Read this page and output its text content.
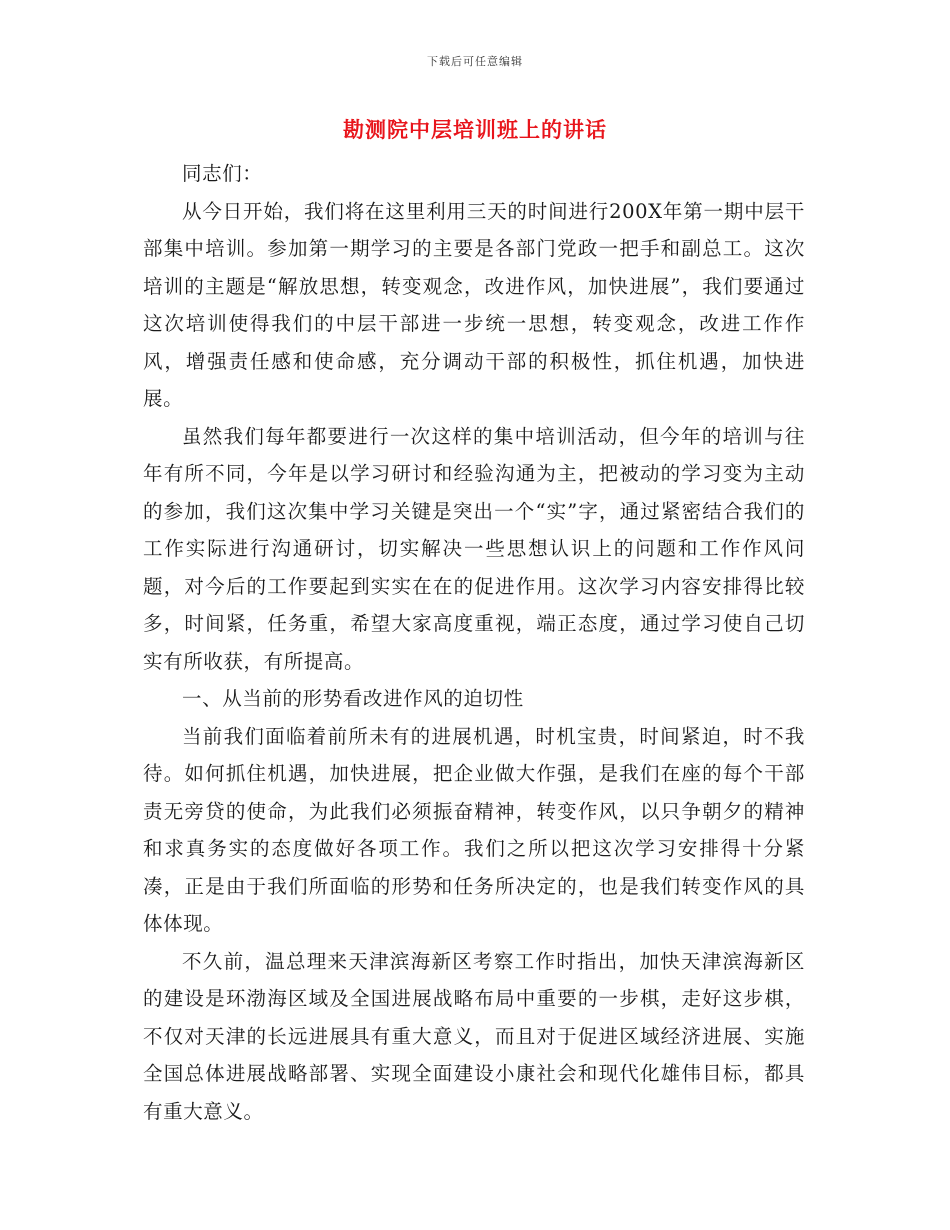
下载后可任意编辑
勘测院中层培训班上的讲话

同志们：

从今日开始，我们将在这里利用三天的时间进行200X年第一期中层干部集中培训。参加第一期学习的主要是各部门党政一把手和副总工。这次培训的主题是“解放思想，转变观念，改进作风，加快进展”，我们要通过这次培训使得我们的中层干部进一步统一思想，转变观念，改进工作作风，增强责任感和使命感，充分调动干部的积极性，抓住机遇，加快进展。

虽然我们每年都要进行一次这样的集中培训活动，但今年的培训与往年有所不同，今年是以学习研讨和经验沟通为主，把被动的学习变为主动的参加，我们这次集中学习关键是突出一个“实”字，通过紧密结合我们的工作实际进行沟通研讨，切实解决一些思想认识上的问题和工作作风问题，对今后的工作要起到实实在在的促进作用。这次学习内容安排得比较多，时间紧，任务重，希望大家高度重视，端正态度，通过学习使自己切实有所收获，有所提高。

一、从当前的形势看改进作风的迫切性

当前我们面临着前所未有的进展机遇，时机宝贵，时间紧迫，时不我待。如何抓住机遇，加快进展，把企业做大作强，是我们在座的每个干部责无旁贷的使命，为此我们必须振奋精神，转变作风，以只争朝夕的精神和求真务实的态度做好各项工作。我们之所以把这次学习安排得十分紧凑，正是由于我们所面临的形势和任务所决定的，也是我们转变作风的具体体现。

不久前，温总理来天津滨海新区考察工作时指出，加快天津滨海新区的建设是环渤海区域及全国进展战略布局中重要的一步棋，走好这步棋，不仅对天津的长远进展具有重大意义，而且对于促进区域经济进展、实施全国总体进展战略部署、实现全面建设小康社会和现代化雄伟目标，都具有重大意义。
